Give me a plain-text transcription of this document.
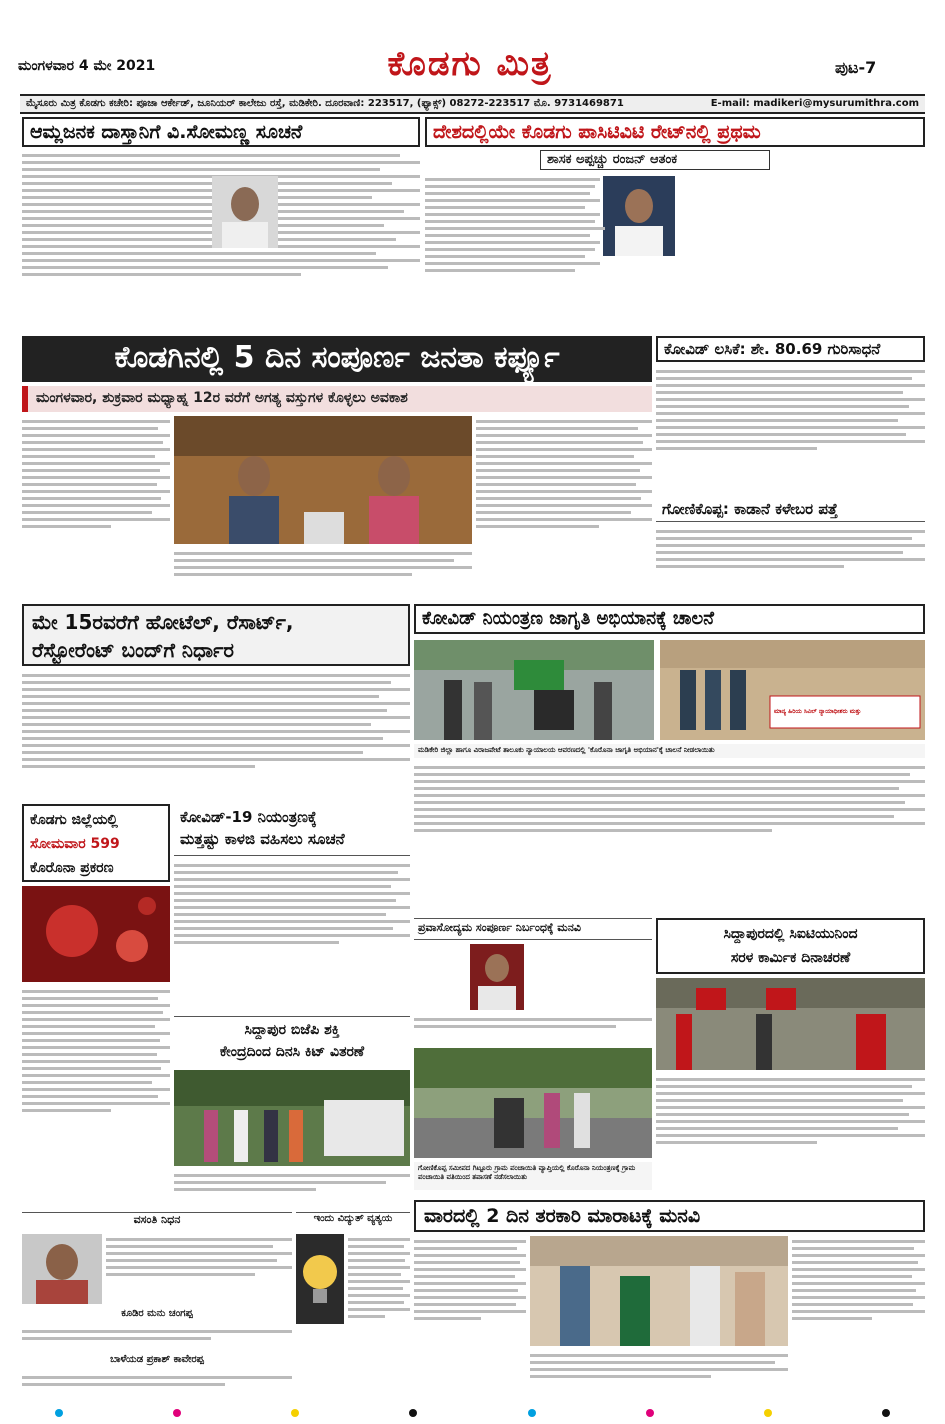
ಮಂಗಳವಾರ 4 ಮೇ 2021	ಕೊಡಗು ಮಿತ್ರ	ಪುಟ-7
ಮೈಸೂರು ಮಿತ್ರ ಕೊಡಗು ಕಚೇರಿ: ಪೂಜಾ ಆರ್ಕೇಡ್, ಜೂನಿಯರ್ ಕಾಲೇಜು ರಸ್ತೆ, ಮಡಿಕೇರಿ. ದೂರವಾಣಿ: 223517, (ಫ್ಯಾಕ್ಸ್) 08272-223517 ಮೊ. 9731469871	E-mail: madikeri@mysurumithra.com
ಆಮ್ಲಜನಕ ದಾಸ್ತಾನಿಗೆ ವಿ.ಸೋಮಣ್ಣ ಸೂಚನೆ	ದೇಶದಲ್ಲಿಯೇ ಕೊಡಗು ಪಾಸಿಟಿವಿಟಿ ರೇಟ್‌ನಲ್ಲಿ ಪ್ರಥಮ
ಶಾಸಕ ಅಪ್ಪಚ್ಚು ರಂಜನ್ ಆತಂಕ
ಕೊಡಗಿನಲ್ಲಿ 5 ದಿನ ಸಂಪೂರ್ಣ ಜನತಾ ಕರ್ಫ್ಯೂ
ಮಂಗಳವಾರ, ಶುಕ್ರವಾರ ಮಧ್ಯಾಹ್ನ 12ರ ವರೆಗೆ ಅಗತ್ಯ ವಸ್ತುಗಳ ಕೊಳ್ಳಲು ಅವಕಾಶ
ಕೋವಿಡ್ ಲಸಿಕೆ: ಶೇ. 80.69 ಗುರಿಸಾಧನೆ
ಗೋಣಿಕೊಪ್ಪ: ಕಾಡಾನೆ ಕಳೇಬರ ಪತ್ತೆ
ಮೇ 15ರವರೆಗೆ ಹೋಟೆಲ್, ರೆಸಾರ್ಟ್,
ರೆಸ್ಟೋರೆಂಟ್ ಬಂದ್‌ಗೆ ನಿರ್ಧಾರ
ಕೋವಿಡ್ ನಿಯಂತ್ರಣ ಜಾಗೃತಿ ಅಭಿಯಾನಕ್ಕೆ ಚಾಲನೆ
ಮಾನ್ಯ ಹಿರಿಯ ಸಿವಿಲ್ ನ್ಯಾಯಾಧೀಶರು ಮತ್ತು
ಮಡಿಕೇರಿ ಜಿಲ್ಲಾ ಹಾಗೂ ವಿರಾಜಪೇಟೆ ತಾಲೂಕು ನ್ಯಾಯಾಲಯ ಆವರಣದಲ್ಲಿ 'ಕೊರೊನಾ ಜಾಗೃತಿ ಅಭಿಯಾನ'ಕ್ಕೆ ಚಾಲನೆ ನೀಡಲಾಯಿತು
ಕೊಡಗು ಜಿಲ್ಲೆಯಲ್ಲಿ
ಸೋಮವಾರ 599
ಕೊರೊನಾ ಪ್ರಕರಣ
ಕೋವಿಡ್-19 ನಿಯಂತ್ರಣಕ್ಕೆ
ಮತ್ತಷ್ಟು ಕಾಳಜಿ ವಹಿಸಲು ಸೂಚನೆ
ಸಿದ್ದಾಪುರ ಬಿಜೆಪಿ ಶಕ್ತಿ
ಕೇಂದ್ರದಿಂದ ದಿನಸಿ ಕಿಟ್ ವಿತರಣೆ
ಪ್ರವಾಸೋದ್ಯಮ ಸಂಪೂರ್ಣ ನಿರ್ಬಂಧಕ್ಕೆ ಮನವಿ
ಗೋಣಿಕೊಪ್ಪ ಸಮೀಪದ ಗಿಟ್ಟೂರು ಗ್ರಾಮ ಪಂಚಾಯಿತಿ ವ್ಯಾಪ್ತಿಯಲ್ಲಿ ಕೊರೊನಾ ನಿಯಂತ್ರಣಕ್ಕೆ ಗ್ರಾಮ ಪಂಚಾಯಿತಿ ವತಿಯಿಂದ ತಪಾಸಣೆ ನಡೆಸಲಾಯಿತು
ಸಿದ್ದಾಪುರದಲ್ಲಿ ಸಿಐಟಿಯುನಿಂದ
ಸರಳ ಕಾರ್ಮಿಕ ದಿನಾಚರಣೆ
ವಸಂತಿ ನಿಧನ
ಕೂಡಿರ ಮನು ಚಂಗಪ್ಪ
ಬಾಳೆಯಡ ಪ್ರಕಾಶ್ ಕಾವೇರಪ್ಪ
ಇಂದು ವಿದ್ಯುತ್ ವ್ಯತ್ಯಯ	ವಾರದಲ್ಲಿ 2 ದಿನ ತರಕಾರಿ ಮಾರಾಟಕ್ಕೆ ಮನವಿ
